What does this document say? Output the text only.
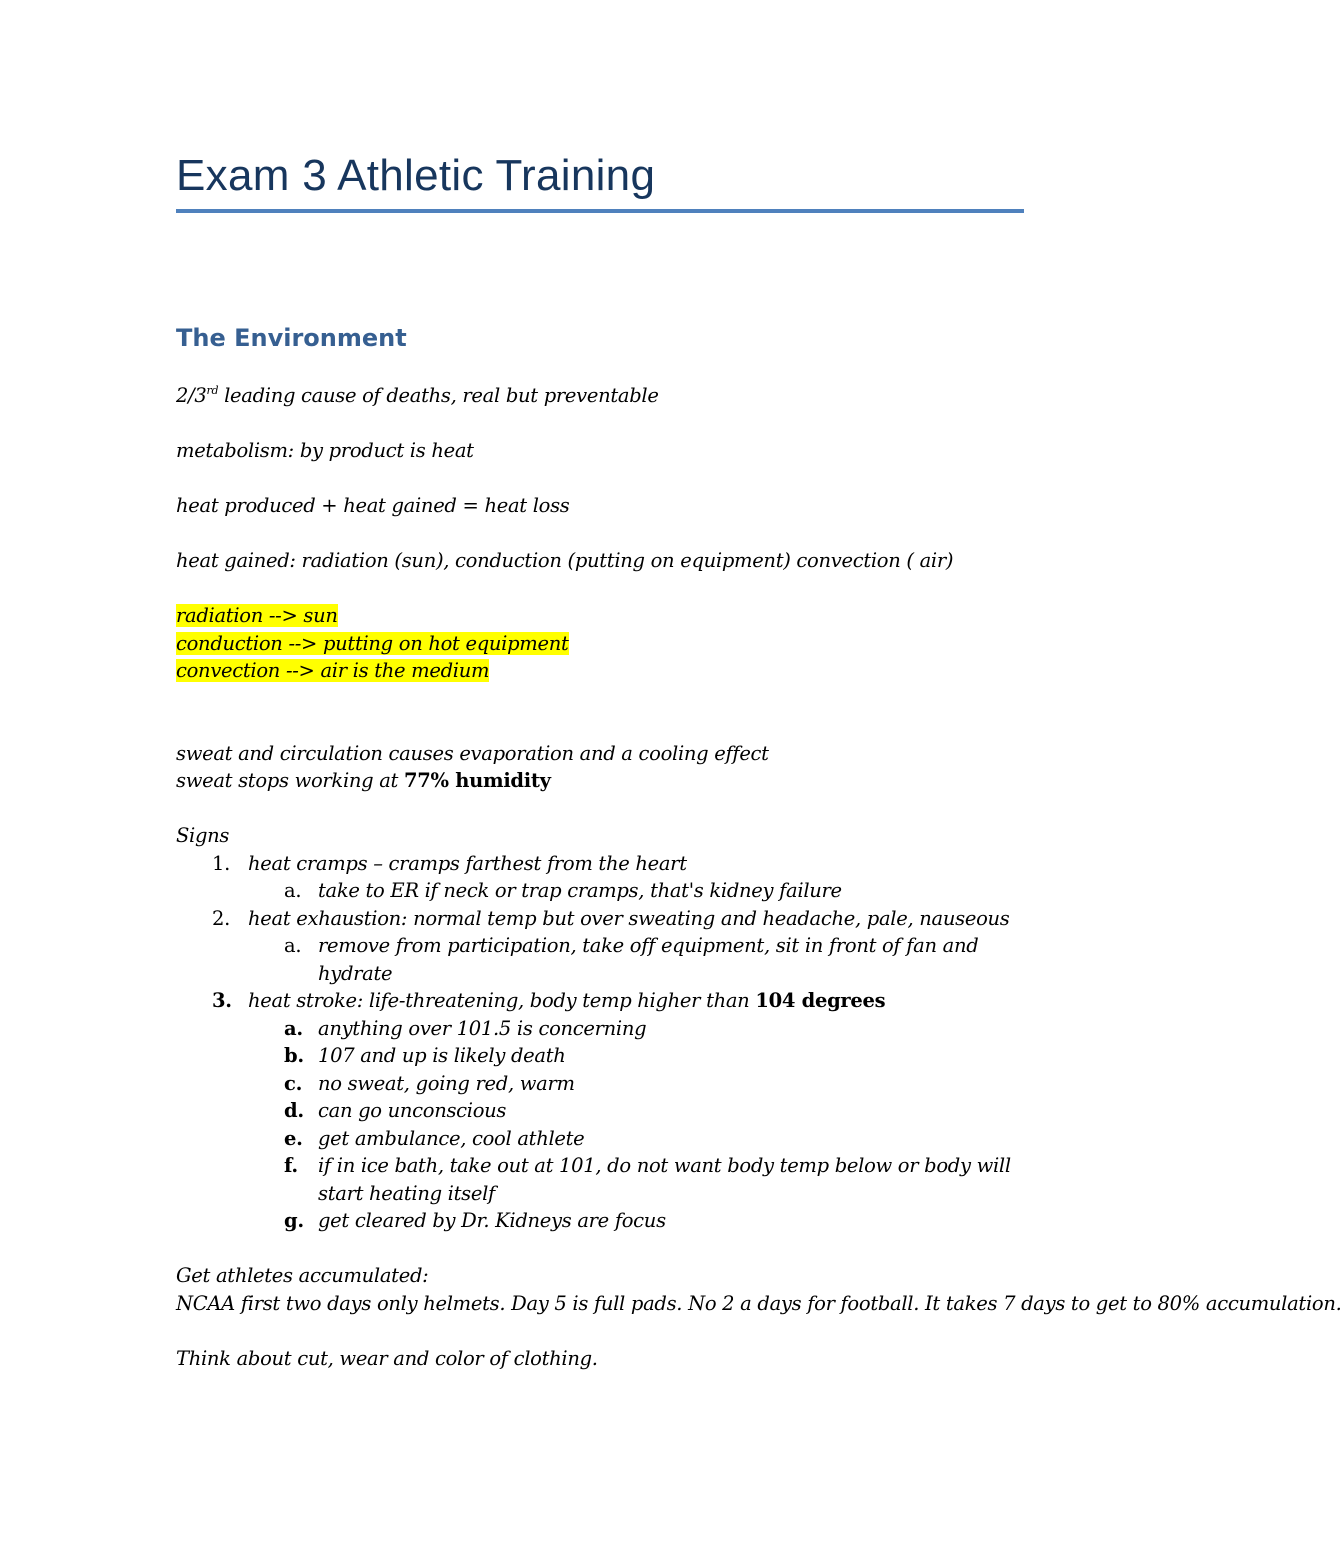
Exam 3 Athletic Training
The Environment

2/3rd leading cause of deaths, real but preventable

metabolism: by product is heat

heat produced + heat gained = heat loss

heat gained: radiation (sun), conduction (putting on equipment) convection ( air)

radiation --> sun

conduction --> putting on hot equipment

convection --> air is the medium

sweat and circulation causes evaporation and a cooling effect

sweat stops working at 77% humidity

Signs

1. heat cramps – cramps farthest from the heart
a. take to ER if neck or trap cramps, that's kidney failure
2. heat exhaustion: normal temp but over sweating and headache, pale, nauseous
a. remove from participation, take off equipment, sit in front of fan and hydrate
3. heat stroke: life-threatening, body temp higher than 104 degrees
a. anything over 101.5 is concerning
b. 107 and up is likely death
c. no sweat, going red, warm
d. can go unconscious
e. get ambulance, cool athlete
f. if in ice bath, take out at 101, do not want body temp below or body will start heating itself
g. get cleared by Dr. Kidneys are focus

Get athletes accumulated:

NCAA first two days only helmets. Day 5 is full pads. No 2 a days for football. It takes 7 days to get to 80% accumulation.

Think about cut, wear and color of clothing.
